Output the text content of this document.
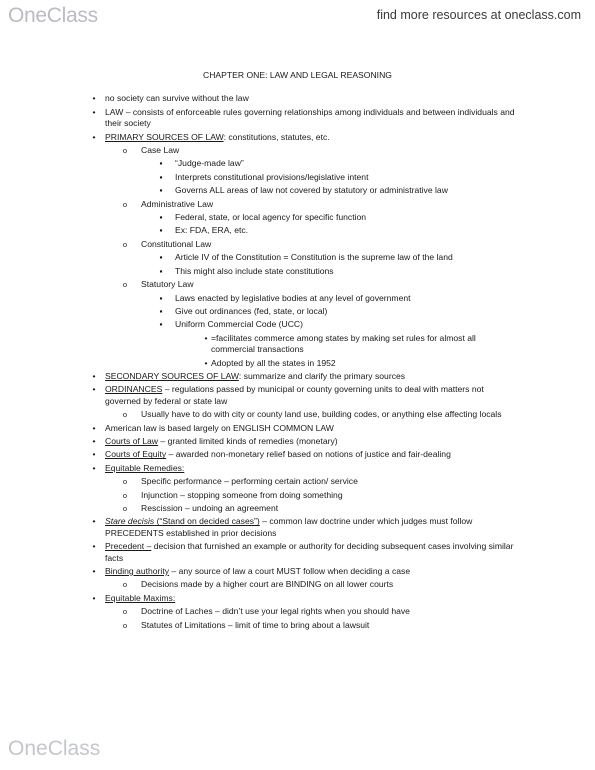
OneClass	find more resources at oneclass.com
CHAPTER ONE: LAW AND LEGAL REASONING
• no society can survive without the law
• LAW – consists of enforceable rules governing relationships among individuals and between individuals and their society
• PRIMARY SOURCES OF LAW: constitutions, statutes, etc.
o Case Law
▪ “Judge-made law”
▪ Interprets constitutional provisions/legislative intent
▪ Governs ALL areas of law not covered by statutory or administrative law
o Administrative Law
▪ Federal, state, or local agency for specific function
▪ Ex: FDA, ERA, etc.
o Constitutional Law
▪ Article IV of the Constitution = Constitution is the supreme law of the land
▪ This might also include state constitutions
o Statutory Law
▪ Laws enacted by legislative bodies at any level of government
▪ Give out ordinances (fed, state, or local)
▪ Uniform Commercial Code (UCC)
• =facilitates commerce among states by making set rules for almost all commercial transactions
• Adopted by all the states in 1952
• SECONDARY SOURCES OF LAW: summarize and clarify the primary sources
• ORDINANCES – regulations passed by municipal or county governing units to deal with matters not governed by federal or state law
o Usually have to do with city or county land use, building codes, or anything else affecting locals
• American law is based largely on ENGLISH COMMON LAW
• Courts of Law – granted limited kinds of remedies (monetary)
• Courts of Equity – awarded non-monetary relief based on notions of justice and fair-dealing
• Equitable Remedies:
o Specific performance – performing certain action/ service
o Injunction – stopping someone from doing something
o Rescission – undoing an agreement
• Stare decisis (“Stand on decided cases”) – common law doctrine under which judges must follow PRECEDENTS established in prior decisions
• Precedent – decision that furnished an example or authority for deciding subsequent cases involving similar facts
• Binding authority – any source of law a court MUST follow when deciding a case
o Decisions made by a higher court are BINDING on all lower courts
• Equitable Maxims:
o Doctrine of Laches – didn’t use your legal rights when you should have
o Statutes of Limitations – limit of time to bring about a lawsuit
OneClass
